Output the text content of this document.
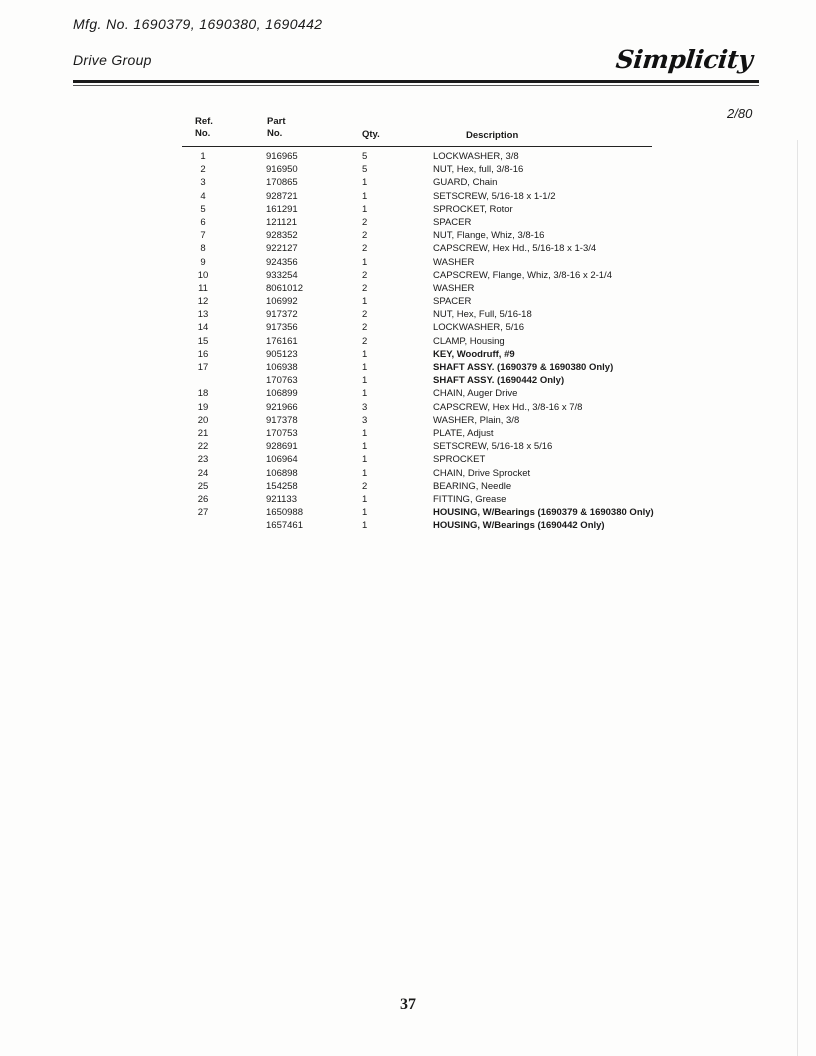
Mfg. No. 1690379, 1690380, 1690442
Drive Group	Simplicity
2/80
Ref.
No.
Part
No.	Qty.	Description
1	916965	5	LOCKWASHER, 3/8
2	916950	5	NUT, Hex, full, 3/8-16
3	170865	1	GUARD, Chain
4	928721	1	SETSCREW, 5/16-18 x 1-1/2
5	161291	1	SPROCKET, Rotor
6	121121	2	SPACER
7	928352	2	NUT, Flange, Whiz, 3/8-16
8	922127	2	CAPSCREW, Hex Hd., 5/16-18 x 1-3/4
9	924356	1	WASHER
10	933254	2	CAPSCREW, Flange, Whiz, 3/8-16 x 2-1/4
11	8061012	2	WASHER
12	106992	1	SPACER
13	917372	2	NUT, Hex, Full, 5/16-18
14	917356	2	LOCKWASHER, 5/16
15	176161	2	CLAMP, Housing
16	905123	1	KEY, Woodruff, #9
17	106938	1	SHAFT ASSY. (1690379 & 1690380 Only)
170763	1	SHAFT ASSY. (1690442 Only)
18	106899	1	CHAIN, Auger Drive
19	921966	3	CAPSCREW, Hex Hd., 3/8-16 x 7/8
20	917378	3	WASHER, Plain, 3/8
21	170753	1	PLATE, Adjust
22	928691	1	SETSCREW, 5/16-18 x 5/16
23	106964	1	SPROCKET
24	106898	1	CHAIN, Drive Sprocket
25	154258	2	BEARING, Needle
26	921133	1	FITTING, Grease
27	1650988	1	HOUSING, W/Bearings (1690379 & 1690380 Only)
1657461	1	HOUSING, W/Bearings (1690442 Only)
37
